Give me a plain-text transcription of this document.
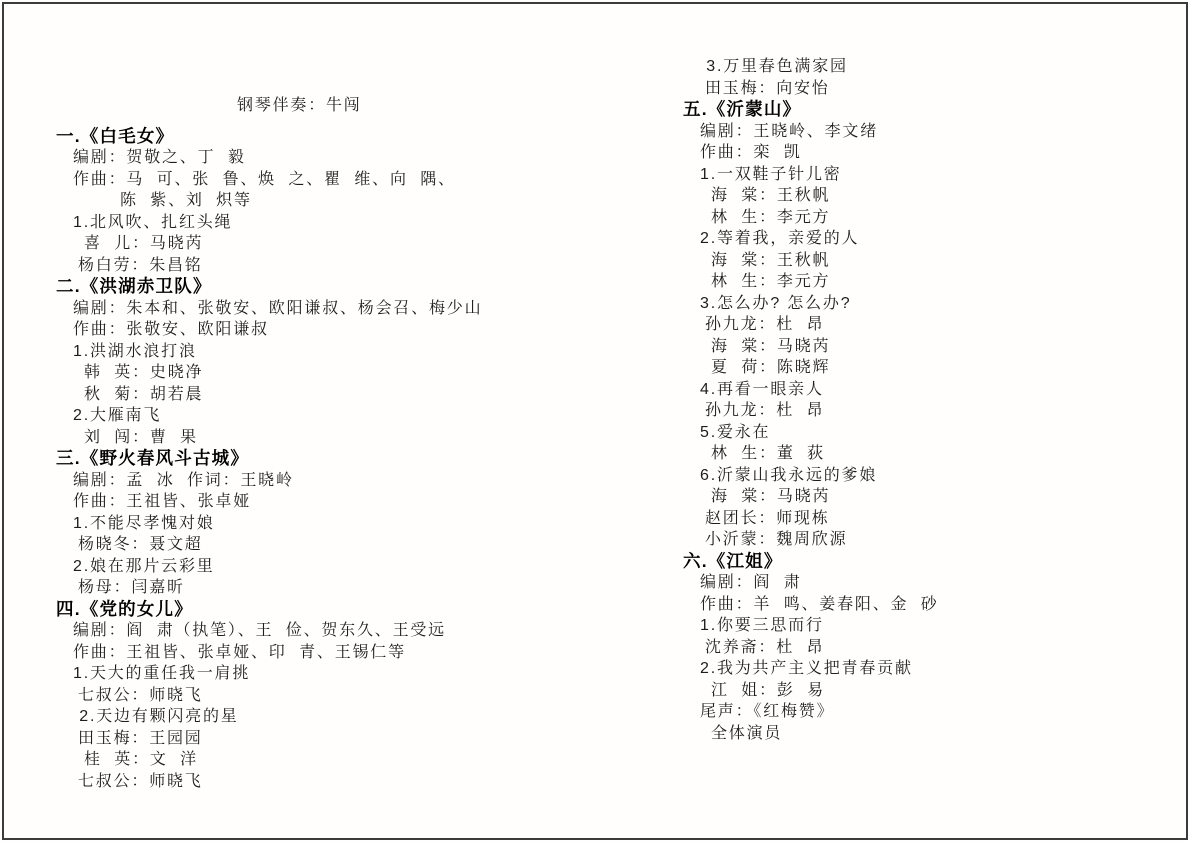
钢琴伴奏：牛闯
一.《白毛女》
编剧：贺敬之、丁  毅
作曲：马  可、张  鲁、焕  之、瞿  维、向  隅、
陈  紫、刘  炽等
1.北风吹、扎红头绳
喜  儿：马晓芮
杨白劳：朱昌铭
二.《洪湖赤卫队》
编剧：朱本和、张敬安、欧阳谦叔、杨会召、梅少山
作曲：张敬安、欧阳谦叔
1.洪湖水浪打浪
韩  英：史晓净
秋  菊：胡若晨
2.大雁南飞
刘  闯：曹  果
三.《野火春风斗古城》
编剧：孟  冰  作词：王晓岭
作曲：王祖皆、张卓娅
1.不能尽孝愧对娘
杨晓冬：聂文超
2.娘在那片云彩里
杨母：闫嘉昕
四.《党的女儿》
编剧：阎  肃（执笔）、王  俭、贺东久、王受远
作曲：王祖皆、张卓娅、印  青、王锡仁等
1.天大的重任我一肩挑
七叔公：师晓飞
2.天边有颗闪亮的星
田玉梅：王园园
桂  英：文  洋
七叔公：师晓飞
3.万里春色满家园
田玉梅：向安怡
五.《沂蒙山》
编剧：王晓岭、李文绪
作曲：栾  凯
1.一双鞋子针儿密
海  棠：王秋帆
林  生：李元方
2.等着我，亲爱的人
海  棠：王秋帆
林  生：李元方
3.怎么办? 怎么办?
孙九龙：杜  昂
海  棠：马晓芮
夏  荷：陈晓辉
4.再看一眼亲人
孙九龙：杜  昂
5.爱永在
林  生：董  荻
6.沂蒙山我永远的爹娘
海  棠：马晓芮
赵团长：师现栋
小沂蒙：魏周欣源
六.《江姐》
编剧：阎  肃
作曲：羊  鸣、姜春阳、金  砂
1.你要三思而行
沈养斋：杜  昂
2.我为共产主义把青春贡献
江  姐：彭  易
尾声：《红梅赞》
全体演员
